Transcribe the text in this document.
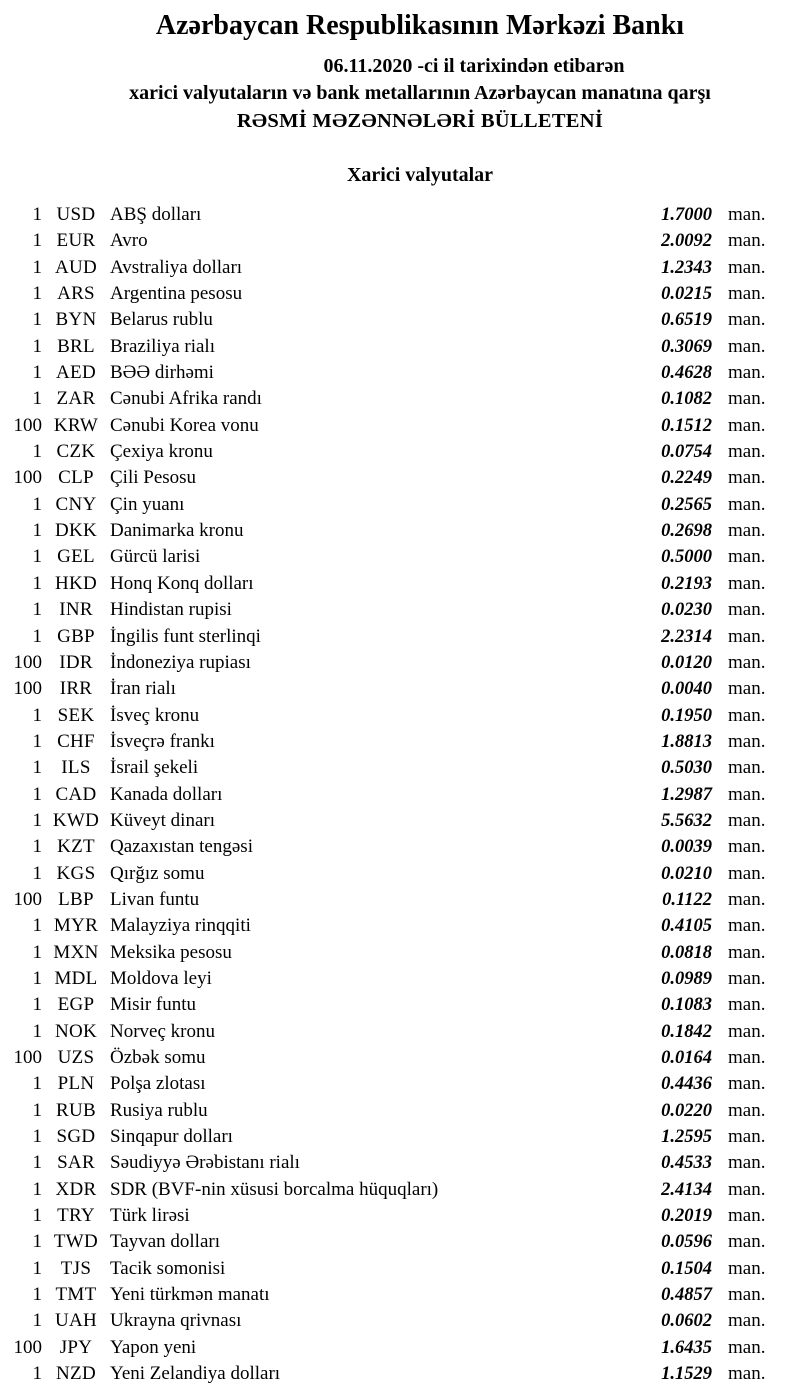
Azərbaycan Respublikasının Mərkəzi Bankı
06.11.2020 -ci il tarixindən etibarən
xarici valyutaların və bank metallarının Azərbaycan manatına qarşı
RƏSMİ MƏZƏNNƏLƏRİ BÜLLETENİ
Xarici valyutalar
1 USD ABŞ dolları	1.7000 man.
1 EUR Avro	2.0092 man.
1 AUD Avstraliya dolları	1.2343 man.
1 ARS Argentina pesosu	0.0215 man.
1 BYN Belarus rublu	0.6519 man.
1 BRL Braziliya rialı	0.3069 man.
1 AED BƏƏ dirhəmi	0.4628 man.
1 ZAR Cənubi Afrika randı	0.1082 man.
100 KRW Cənubi Korea vonu	0.1512 man.
1 CZK Çexiya kronu	0.0754 man.
100 CLP Çili Pesosu	0.2249 man.
1 CNY Çin yuanı	0.2565 man.
1 DKK Danimarka kronu	0.2698 man.
1 GEL Gürcü larisi	0.5000 man.
1 HKD Honq Konq dolları	0.2193 man.
1 INR Hindistan rupisi	0.0230 man.
1 GBP İngilis funt sterlinqi	2.2314 man.
100 IDR İndoneziya rupiası	0.0120 man.
100 IRR İran rialı	0.0040 man.
1 SEK İsveç kronu	0.1950 man.
1 CHF İsveçrə frankı	1.8813 man.
1	ILS	İsrail şekeli	0.5030 man.
1 CAD Kanada dolları	1.2987 man.
1 KWD Küveyt dinarı	5.5632 man.
1 KZT Qazaxıstan tengəsi	0.0039 man.
1 KGS Qırğız somu	0.0210 man.
100 LBP Livan funtu	0.1122 man.
1 MYR Malayziya rinqqiti	0.4105 man.
1 MXN Meksika pesosu	0.0818 man.
1 MDL Moldova leyi	0.0989 man.
1 EGP Misir funtu	0.1083 man.
1 NOK Norveç kronu	0.1842 man.
100 UZS Özbək somu	0.0164 man.
1 PLN Polşa zlotası	0.4436 man.
1 RUB Rusiya rublu	0.0220 man.
1 SGD Sinqapur dolları	1.2595 man.
1 SAR Səudiyyə Ərəbistanı rialı	0.4533 man.
1 XDR SDR (BVF-nin xüsusi borcalma hüquqları)	2.4134 man.
1 TRY Türk lirəsi	0.2019 man.
1 TWD Tayvan dolları	0.0596 man.
1 TJS Tacik somonisi	0.1504 man.
1 TMT Yeni türkmən manatı	0.4857 man.
1 UAH Ukrayna qrivnası	0.0602 man.
100 JPY Yapon yeni	1.6435 man.
1 NZD Yeni Zelandiya dolları	1.1529 man.
